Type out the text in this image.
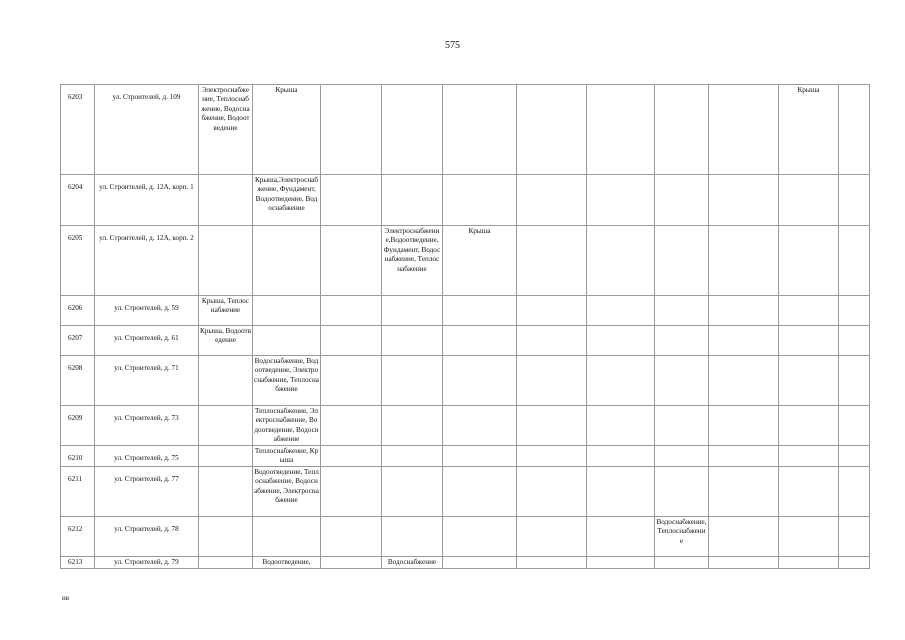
575
6203	ул. Строителей, д. 109	Электроснабжение, Теплоснабжение, Водоснабжение, Водоотведение	Крыша								Крыша	
6204	ул. Строителей, д. 12А, корп. 1		Крыша,Электроснабжение, Фундамент, Водоотведение, Водоснабжение									
6205	ул. Строителей, д. 12А, корп. 2				Электроснабжение,Водоотведение, Фундамент, Водоснабжение, Теплоснабжение	Крыша						
6206	ул. Строителей, д. 59	Крыша, Теплоснабжение										
6207	ул. Строителей, д. 61	Крыша, Водоотведение										
6208	ул. Строителей, д. 71		Водоснабжение, Водоотведение, Электроснабжение, Теплоснабжение									
6209	ул. Строителей, д. 73		Теплоснабжение, Электроснабжение, Водоотведение, Водоснабжение									
6210	ул. Строителей, д. 75		Теплоснабжение, Крыша									
6211	ул. Строителей, д. 77		Водоотведение, Теплоснабжение, Водоснабжение, Электроснабжение									
6212	ул. Строителей, д. 78								Водоснабжение, Теплоснабжение			
6213	ул. Строителей, д. 79		Водоотведение,		Водоснабжение							
нв
